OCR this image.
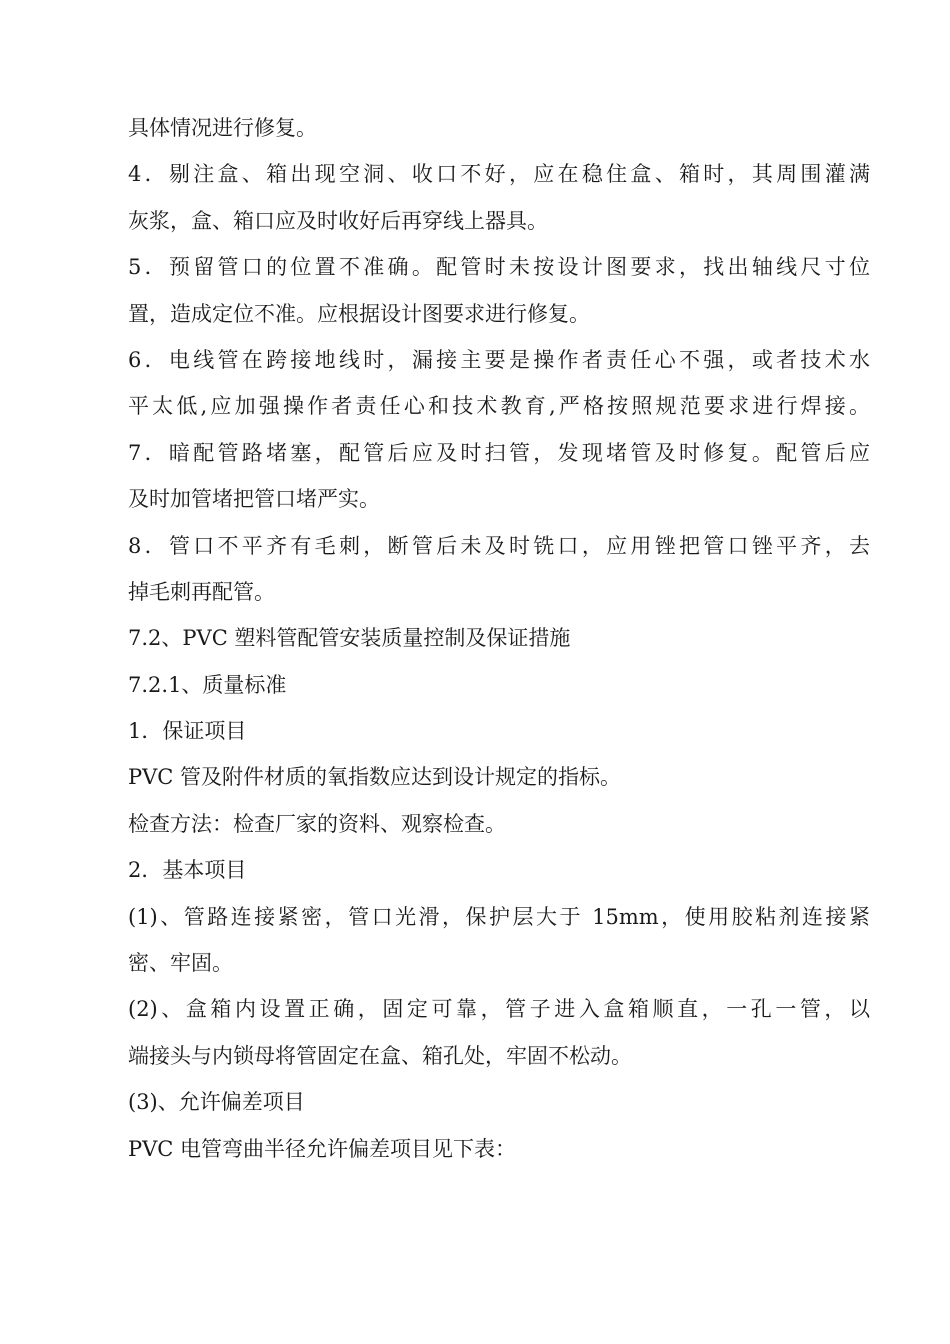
具体情况进行修复。
4．剔注盒、箱出现空洞、收口不好，应在稳住盒、箱时，其周围灌满
灰浆，盒、箱口应及时收好后再穿线上器具。
5．预留管口的位置不准确。配管时未按设计图要求，找出轴线尺寸位
置，造成定位不准。应根据设计图要求进行修复。
6．电线管在跨接地线时，漏接主要是操作者责任心不强，或者技术水
平太低,应加强操作者责任心和技术教育,严格按照规范要求进行焊接。
7．暗配管路堵塞，配管后应及时扫管，发现堵管及时修复。配管后应
及时加管堵把管口堵严实。
8．管口不平齐有毛刺，断管后未及时铣口，应用锉把管口锉平齐，去
掉毛刺再配管。
7.2、PVC 塑料管配管安装质量控制及保证措施
7.2.1、质量标准
1．保证项目
PVC 管及附件材质的氧指数应达到设计规定的指标。
检查方法：检查厂家的资料、观察检查。
2．基本项目
(1)、管路连接紧密，管口光滑，保护层大于 15mm，使用胶粘剂连接紧
密、牢固。
(2)、盒箱内设置正确，固定可靠，管子进入盒箱顺直，一孔一管，以
端接头与内锁母将管固定在盒、箱孔处，牢固不松动。
(3)、允许偏差项目
PVC 电管弯曲半径允许偏差项目见下表：
